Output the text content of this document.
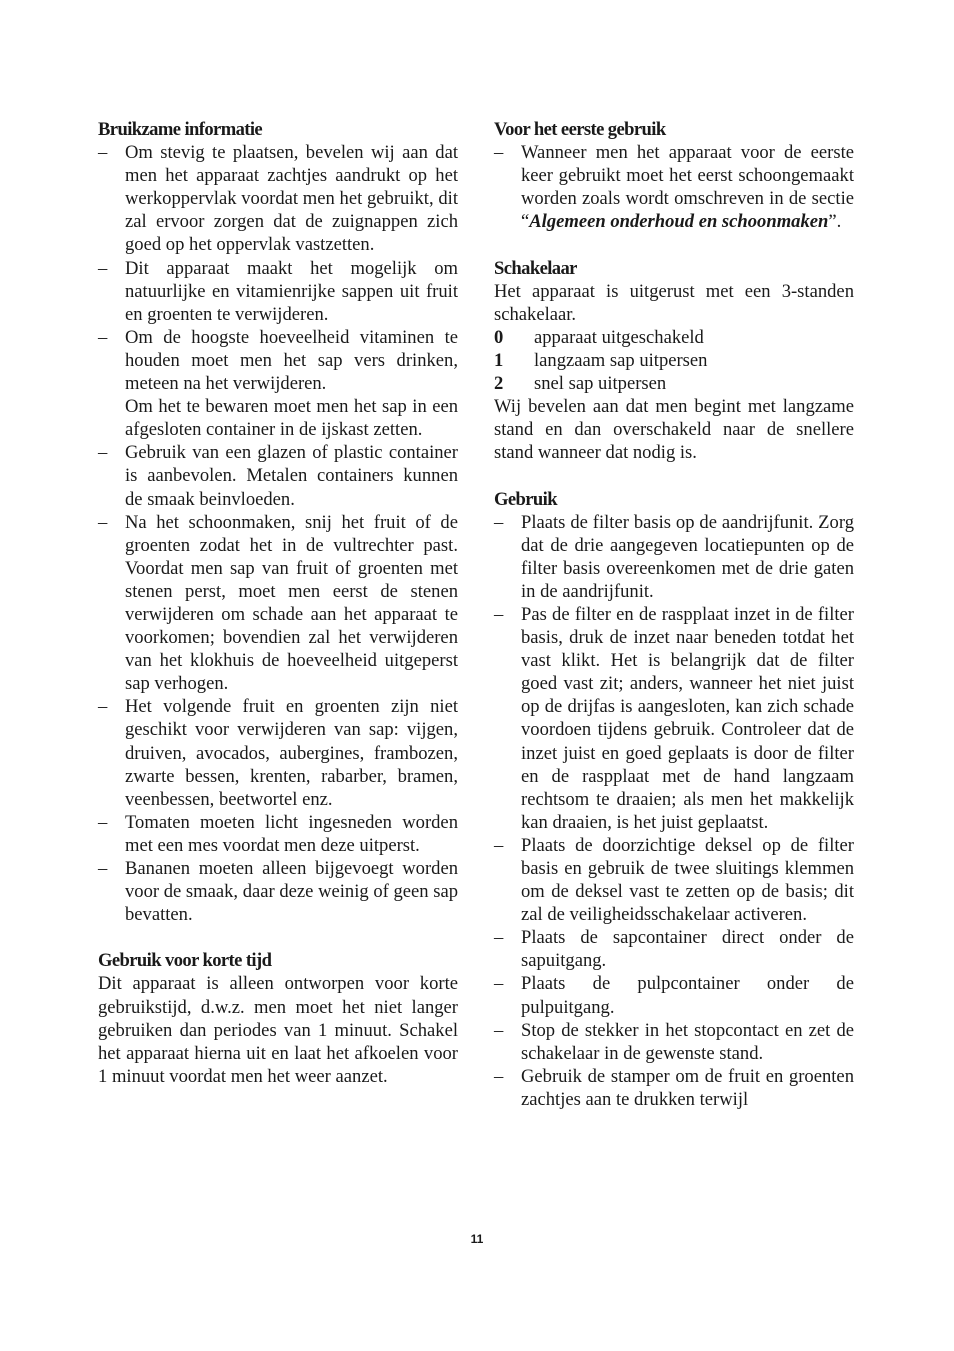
Bruikzame informatie
– Om stevig te plaatsen, bevelen wij aan dat men het apparaat zachtjes aandrukt op het werkoppervlak voordat men het gebruikt, dit zal ervoor zorgen dat de zuignappen zich goed op het oppervlak vastzetten.
– Dit apparaat maakt het mogelijk om natuurlijke en vitamienrijke sappen uit fruit en groenten te verwijderen.
– Om de hoogste hoeveelheid vitaminen te houden moet men het sap vers drinken, meteen na het verwijderen.
Om het te bewaren moet men het sap in een afgesloten container in de ijskast zetten.
– Gebruik van een glazen of plastic container is aanbevolen. Metalen containers kunnen de smaak beinvloeden.
– Na het schoonmaken, snij het fruit of de groenten zodat het in de vultrechter past. Voordat men sap van fruit of groenten met stenen perst, moet men eerst de stenen verwijderen om schade aan het apparaat te voorkomen; bovendien zal het verwijderen van het klokhuis de hoeveelheid uitgeperst sap verhogen.
– Het volgende fruit en groenten zijn niet geschikt voor verwijderen van sap: vijgen, druiven, avocados, aubergines, frambozen, zwarte bessen, krenten, rabarber, bramen, veenbessen, beetwortel enz.
– Tomaten moeten licht ingesneden worden met een mes voordat men deze uitperst.
– Bananen moeten alleen bijgevoegt worden voor de smaak, daar deze weinig of geen sap bevatten.
Gebruik voor korte tijd

Dit apparaat is alleen ontworpen voor korte gebruikstijd, d.w.z. men moet het niet langer gebruiken dan periodes van 1 minuut. Schakel het apparaat hierna uit en laat het afkoelen voor 1 minuut voordat men het weer aanzet.

Voor het eerste gebruik
– Wanneer men het apparaat voor de eerste keer gebruikt moet het eerst schoongemaakt worden zoals wordt omschreven in de sectie “Algemeen onderhoud en schoonmaken”.
Schakelaar

Het apparaat is uitgerust met een 3-standen schakelaar.

0	apparaat uitgeschakeld
1	langzaam sap uitpersen
2	snel sap uitpersen

Wij bevelen aan dat men begint met langzame stand en dan overschakeld naar de snellere stand wanneer dat nodig is.

Gebruik
– Plaats de filter basis op de aandrijfunit. Zorg dat de drie aangegeven locatiepunten op de filter basis overeenkomen met de drie gaten in de aandrijfunit.
– Pas de filter en de raspplaat inzet in de filter basis, druk de inzet naar beneden totdat het vast klikt. Het is belangrijk dat de filter goed vast zit; anders, wanneer het niet juist op de drijfas is aangesloten, kan zich schade voordoen tijdens gebruik. Controleer dat de inzet juist en goed geplaats is door de filter en de raspplaat met de hand langzaam rechtsom te draaien; als men het makkelijk kan draaien, is het juist geplaatst.
– Plaats de doorzichtige deksel op de filter basis en gebruik de twee sluitings klemmen om de deksel vast te zetten op de basis; dit zal de veiligheidsschakelaar activeren.
– Plaats de sapcontainer direct onder de sapuitgang.
– Plaats de pulpcontainer onder de pulpuitgang.
– Stop de stekker in het stopcontact en zet de schakelaar in de gewenste stand.
– Gebruik de stamper om de fruit en groenten zachtjes aan te drukken terwijl
11
